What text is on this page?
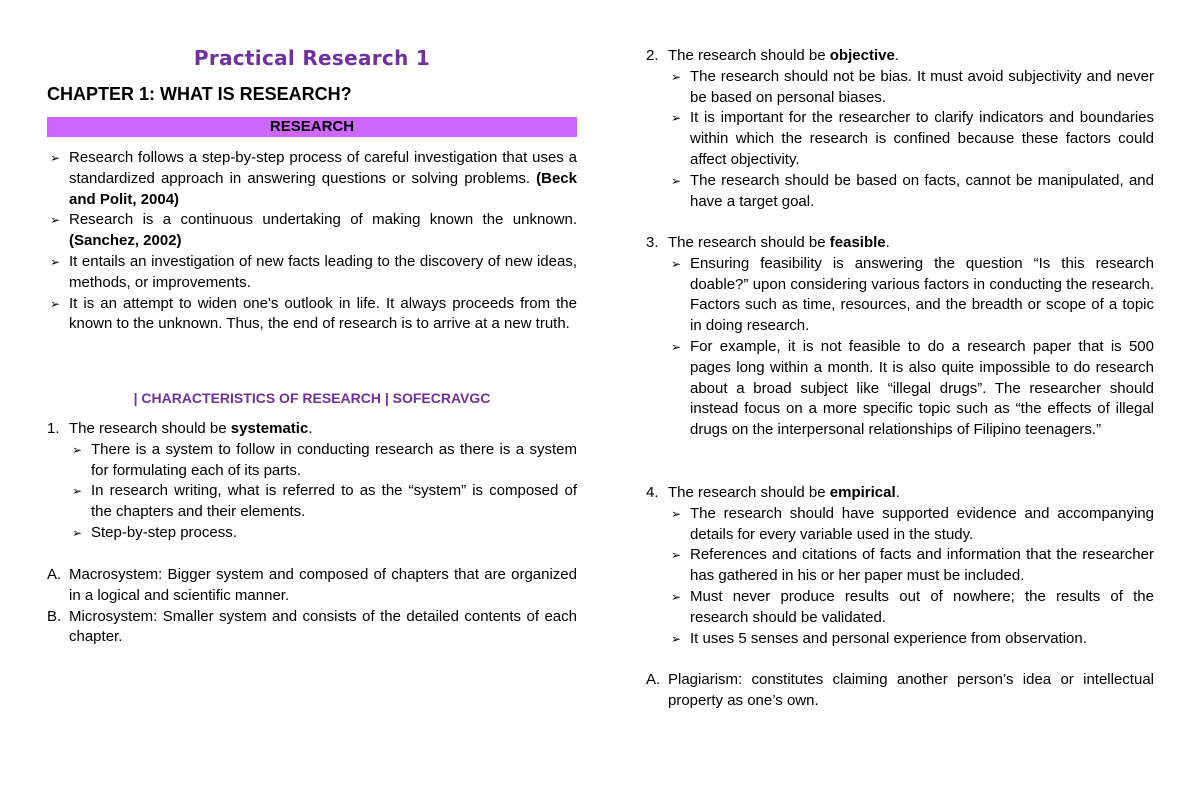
Practical Research 1
CHAPTER 1: WHAT IS RESEARCH?
RESEARCH
➢ Research follows a step-by-step process of careful investigation that uses a standardized approach in answering questions or solving problems. (Beck and Polit, 2004)
➢ Research is a continuous undertaking of making known the unknown. (Sanchez, 2002)
➢ It entails an investigation of new facts leading to the discovery of new ideas, methods, or improvements.
➢ It is an attempt to widen one's outlook in life. It always proceeds from the known to the unknown. Thus, the end of research is to arrive at a new truth.
| CHARACTERISTICS OF RESEARCH | SOFECRAVGC
1. The research should be systematic.
➢ There is a system to follow in conducting research as there is a system for formulating each of its parts.
➢ In research writing, what is referred to as the “system” is composed of the chapters and their elements.
➢ Step-by-step process.
A. Macrosystem: Bigger system and composed of chapters that are organized in a logical and scientific manner.
B. Microsystem: Smaller system and consists of the detailed contents of each chapter.
2. The research should be objective.
➢ The research should not be bias. It must avoid subjectivity and never be based on personal biases.
➢ It is important for the researcher to clarify indicators and boundaries within which the research is confined because these factors could affect objectivity.
➢ The research should be based on facts, cannot be manipulated, and have a target goal.
3. The research should be feasible.
➢ Ensuring feasibility is answering the question “Is this research doable?” upon considering various factors in conducting the research. Factors such as time, resources, and the breadth or scope of a topic in doing research.
➢ For example, it is not feasible to do a research paper that is 500 pages long within a month. It is also quite impossible to do research about a broad subject like “illegal drugs”. The researcher should instead focus on a more specific topic such as “the effects of illegal drugs on the interpersonal relationships of Filipino teenagers.”
4. The research should be empirical.
➢ The research should have supported evidence and accompanying details for every variable used in the study.
➢ References and citations of facts and information that the researcher has gathered in his or her paper must be included.
➢ Must never produce results out of nowhere; the results of the research should be validated.
➢ It uses 5 senses and personal experience from observation.
A. Plagiarism: constitutes claiming another person’s idea or intellectual property as one’s own.
